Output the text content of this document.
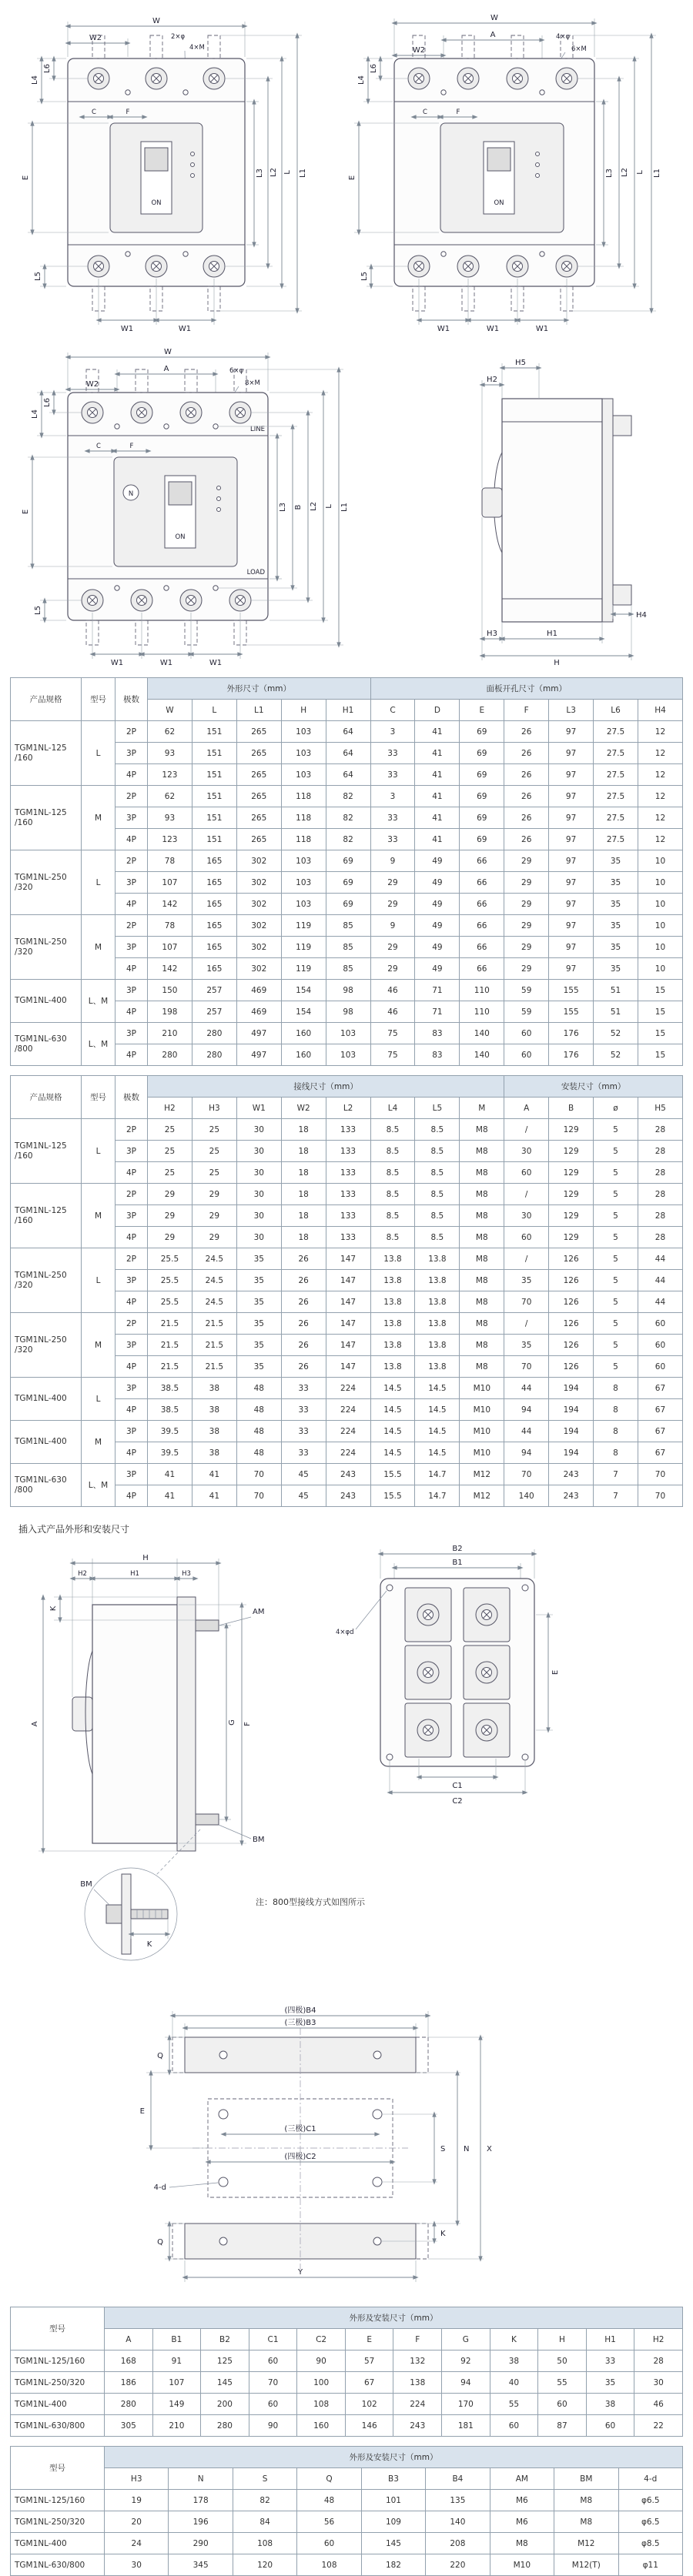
W
W2	2×φ
4×M
C	F
ON
L6
L4
E
L5
L3 L2 L L1
W1	W1
W
A
W2
4×φ
6×M
C	F
ON
L6
L4
E
L5
L3 L2 L L1
W1	W1	W1
W
A
W2
6×φ
8×M
LINE
C	F
N
ON
LOAD
L6
L4
E
L5
L3 B L2 L L1
W1	W1	W1
H2
H5
H4
H3	H1
H
产品规格	型号	极数	外形尺寸（mm）					面板开孔尺寸（mm）						
			W	L	L1	H	H1	C	D	E	F	L3	L6	H4

TGM1NL-125
/160	L	2P	62	151	265	103	64	3	41	69	26	97	27.5	12
		3P	93	151	265	103	64	33	41	69	26	97	27.5	12
		4P	123	151	265	103	64	33	41	69	26	97	27.5	12

TGM1NL-125
/160	M	2P	62	151	265	118	82	3	41	69	26	97	27.5	12
		3P	93	151	265	118	82	33	41	69	26	97	27.5	12
		4P	123	151	265	118	82	33	41	69	26	97	27.5	12

TGM1NL-250
/320	L	2P	78	165	302	103	69	9	49	66	29	97	35	10
		3P	107	165	302	103	69	29	49	66	29	97	35	10
		4P	142	165	302	103	69	29	49	66	29	97	35	10

TGM1NL-250
/320	M	2P	78	165	302	119	85	9	49	66	29	97	35	10
		3P	107	165	302	119	85	29	49	66	29	97	35	10
		4P	142	165	302	119	85	29	49	66	29	97	35	10

TGM1NL-400	L、M	3P	150	257	469	154	98	46	71	110	59	155	51	15
		4P	198	257	469	154	98	46	71	110	59	155	51	15

TGM1NL-630
/800	L、M	3P	210	280	497	160	103	75	83	140	60	176	52	15
		4P	280	280	497	160	103	75	83	140	60	176	52	15
产品规格	型号	极数	接线尺寸（mm）								安装尺寸（mm）			
			H2	H3	W1	W2	L2	L4	L5	M	A	B	ø	H5

TGM1NL-125
/160	L	2P	25	25	30	18	133	8.5	8.5	M8	/	129	5	28
		3P	25	25	30	18	133	8.5	8.5	M8	30	129	5	28
		4P	25	25	30	18	133	8.5	8.5	M8	60	129	5	28

TGM1NL-125
/160	M	2P	29	29	30	18	133	8.5	8.5	M8	/	129	5	28
		3P	29	29	30	18	133	8.5	8.5	M8	30	129	5	28
		4P	29	29	30	18	133	8.5	8.5	M8	60	129	5	28

TGM1NL-250
/320	L	2P	25.5	24.5	35	26	147	13.8	13.8	M8	/	126	5	44
		3P	25.5	24.5	35	26	147	13.8	13.8	M8	35	126	5	44
		4P	25.5	24.5	35	26	147	13.8	13.8	M8	70	126	5	44

TGM1NL-250
/320	M	2P	21.5	21.5	35	26	147	13.8	13.8	M8	/	126	5	60
		3P	21.5	21.5	35	26	147	13.8	13.8	M8	35	126	5	60
		4P	21.5	21.5	35	26	147	13.8	13.8	M8	70	126	5	60

TGM1NL-400	L	3P	38.5	38	48	33	224	14.5	14.5	M10	44	194	8	67
		4P	38.5	38	48	33	224	14.5	14.5	M10	94	194	8	67

TGM1NL-400	M	3P	39.5	38	48	33	224	14.5	14.5	M10	44	194	8	67
		4P	39.5	38	48	33	224	14.5	14.5	M10	94	194	8	67

TGM1NL-630
/800	L、M	3P	41	41	70	45	243	15.5	14.7	M12	70	243	7	70
		4P	41	41	70	45	243	15.5	14.7	M12	140	243	7	70
插入式产品外形和安装尺寸
H
H2	H1	H3
K
A
AM
G F
BM
BM
K
B2
B1
4×φd
E
C1
C2
注：800型接线方式如图所示
(四极)B4
(三极)B3
Q
E
(三极)C1
(四极)C2
4-d
S N X
K
Q
Y
型号	外形及安装尺寸（mm）											
	A	B1	B2	C1	C2	E	F	G	K	H	H1	H2
TGM1NL-125/160	168	91	125	60	90	57	132	92	38	50	33	28
TGM1NL-250/320	186	107	145	70	100	67	138	94	40	55	35	30
TGM1NL-400	280	149	200	60	108	102	224	170	55	60	38	46
TGM1NL-630/800	305	210	280	90	160	146	243	181	60	87	60	22
型号	外形及安装尺寸（mm）								
	H3	N	S	Q	B3	B4	AM	BM	4-d
TGM1NL-125/160	19	178	82	48	101	135	M6	M8	φ6.5
TGM1NL-250/320	20	196	84	56	109	140	M6	M8	φ6.5
TGM1NL-400	24	290	108	60	145	208	M8	M12	φ8.5
TGM1NL-630/800	30	345	120	108	182	220	M10	M12(T)	φ11
